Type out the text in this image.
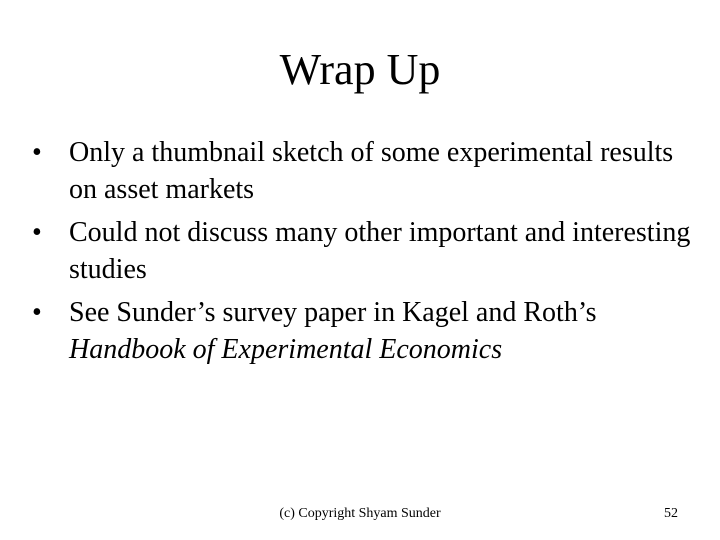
Wrap Up
• Only a thumbnail sketch of some experimental results on asset markets
• Could not discuss many other important and interesting studies
• See Sunder’s survey paper in Kagel and Roth’s Handbook of Experimental Economics
(c) Copyright Shyam Sunder	52
